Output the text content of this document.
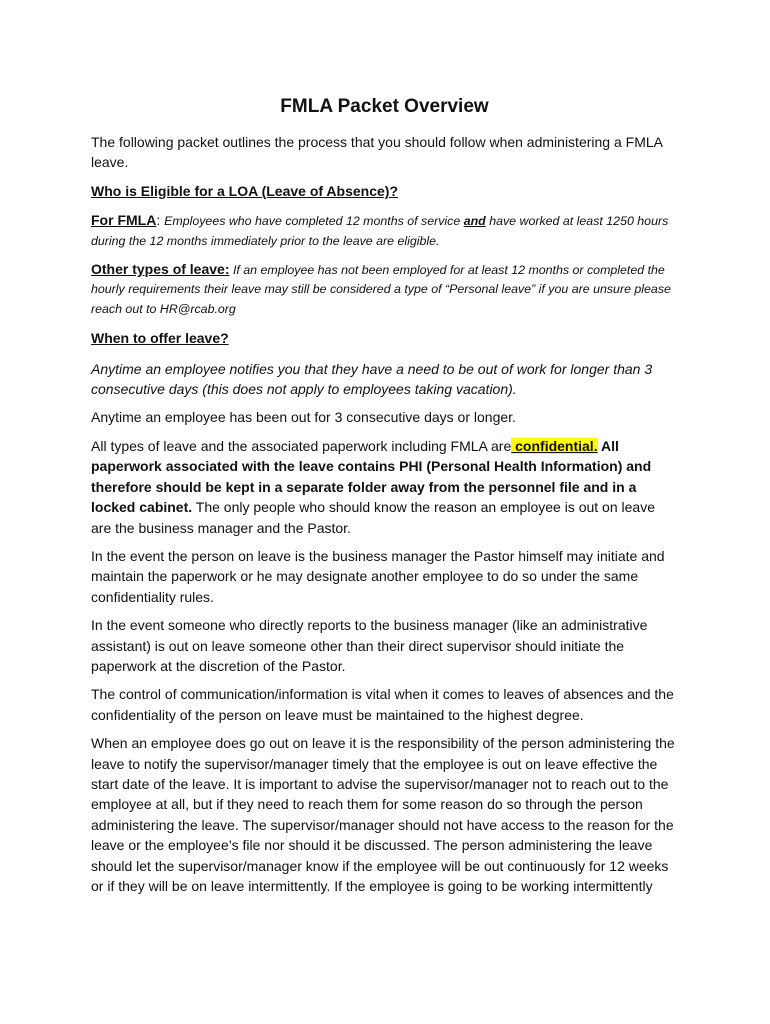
FMLA Packet Overview

The following packet outlines the process that you should follow when administering a FMLA leave.

Who is Eligible for a LOA (Leave of Absence)?

For FMLA: Employees who have completed 12 months of service and have worked at least 1250 hours during the 12 months immediately prior to the leave are eligible.

Other types of leave: If an employee has not been employed for at least 12 months or completed the hourly requirements their leave may still be considered a type of “Personal leave” if you are unsure please reach out to HR@rcab.org

When to offer leave?

Anytime an employee notifies you that they have a need to be out of work for longer than 3 consecutive days (this does not apply to employees taking vacation).

Anytime an employee has been out for 3 consecutive days or longer.

All types of leave and the associated paperwork including FMLA are confidential. All paperwork associated with the leave contains PHI (Personal Health Information) and therefore should be kept in a separate folder away from the personnel file and in a locked cabinet. The only people who should know the reason an employee is out on leave are the business manager and the Pastor.

In the event the person on leave is the business manager the Pastor himself may initiate and maintain the paperwork or he may designate another employee to do so under the same confidentiality rules.

In the event someone who directly reports to the business manager (like an administrative assistant) is out on leave someone other than their direct supervisor should initiate the paperwork at the discretion of the Pastor.

The control of communication/information is vital when it comes to leaves of absences and the confidentiality of the person on leave must be maintained to the highest degree.

When an employee does go out on leave it is the responsibility of the person administering the leave to notify the supervisor/manager timely that the employee is out on leave effective the start date of the leave. It is important to advise the supervisor/manager not to reach out to the employee at all, but if they need to reach them for some reason do so through the person administering the leave. The supervisor/manager should not have access to the reason for the leave or the employee’s file nor should it be discussed. The person administering the leave should let the supervisor/manager know if the employee will be out continuously for 12 weeks or if they will be on leave intermittently. If the employee is going to be working intermittently
